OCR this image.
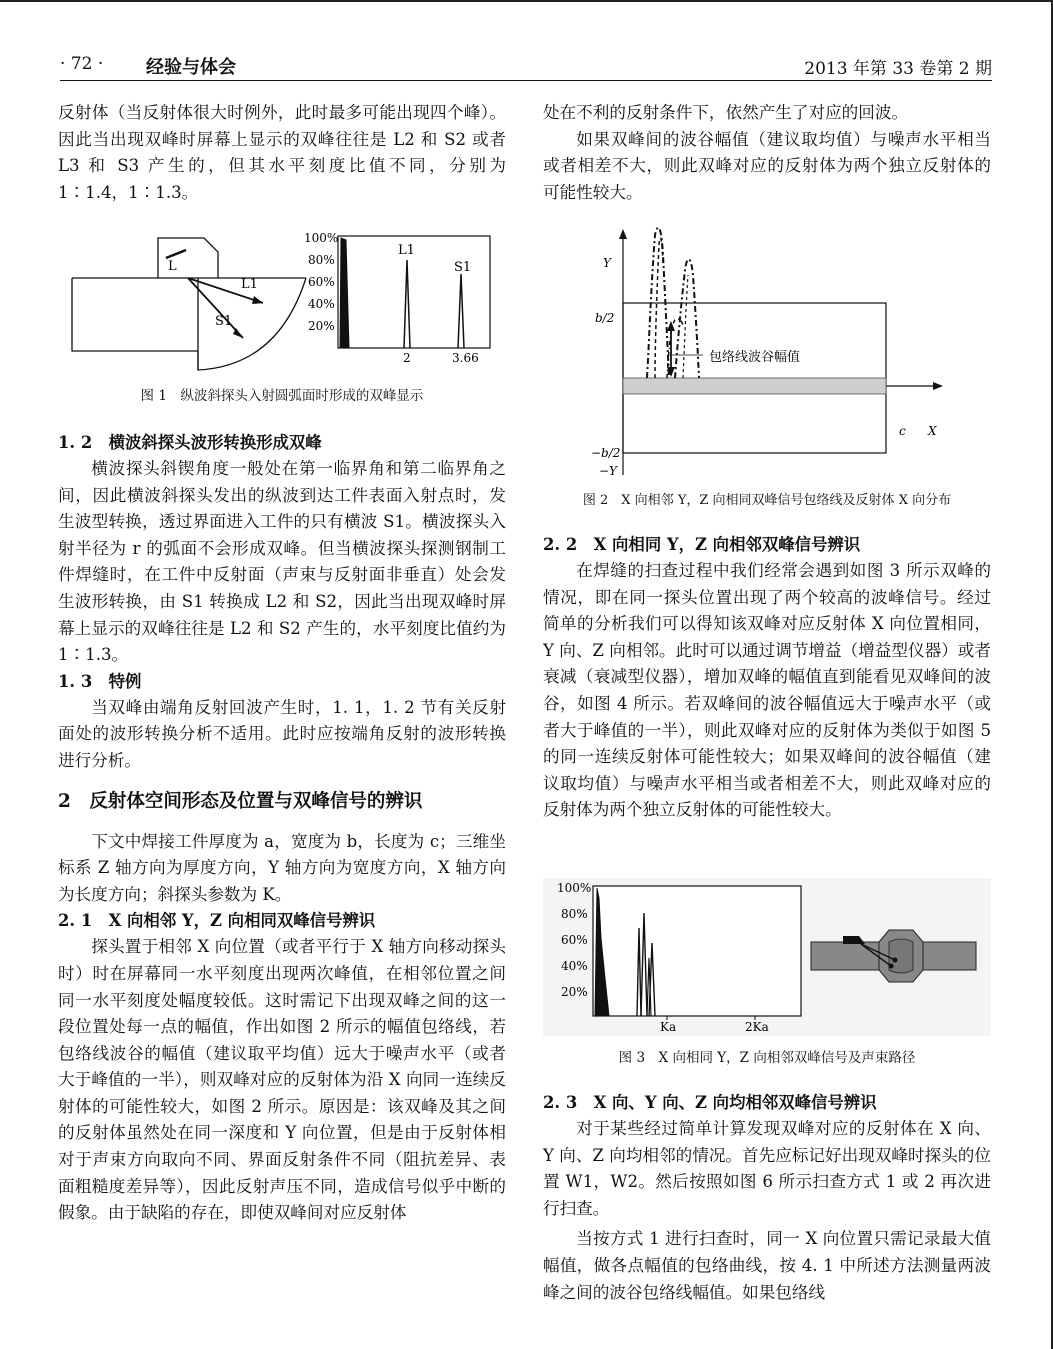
· 72 · 经验与体会	2013 年第 33 卷第 2 期

反射体（当反射体很大时例外，此时最多可能出现四个峰）。因此当出现双峰时屏幕上显示的双峰往往是 L2 和 S2 或者 L3 和 S3 产生的，但其水平刻度比值不同，分别为 1∶1.4，1∶1.3。

L
L1
S1
100%
80%
60%
40%
20%
L1
S1
2	3.66
图 1　纵波斜探头入射圆弧面时形成的双峰显示
1. 2　横波斜探头波形转换形成双峰

横波探头斜锲角度一般处在第一临界角和第二临界角之间，因此横波斜探头发出的纵波到达工件表面入射点时，发生波型转换，透过界面进入工件的只有横波 S1。横波探头入射半径为 r 的弧面不会形成双峰。但当横波探头探测钢制工件焊缝时，在工件中反射面（声束与反射面非垂直）处会发生波形转换，由 S1 转换成 L2 和 S2，因此当出现双峰时屏幕上显示的双峰往往是 L2 和 S2 产生的，水平刻度比值约为 1∶1.3。

1. 3　特例

当双峰由端角反射回波产生时，1. 1，1. 2 节有关反射面处的波形转换分析不适用。此时应按端角反射的波形转换进行分析。

2　反射体空间形态及位置与双峰信号的辨识

下文中焊接工件厚度为 a，宽度为 b，长度为 c；三维坐标系 Z 轴方向为厚度方向，Y 轴方向为宽度方向，X 轴方向为长度方向；斜探头参数为 K。

2. 1　X 向相邻 Y，Z 向相同双峰信号辨识

探头置于相邻 X 向位置（或者平行于 X 轴方向移动探头时）时在屏幕同一水平刻度出现两次峰值，在相邻位置之间同一水平刻度处幅度较低。这时需记下出现双峰之间的这一段位置处每一点的幅值，作出如图 2 所示的幅值包络线，若包络线波谷的幅值（建议取平均值）远大于噪声水平（或者大于峰值的一半），则双峰对应的反射体为沿 X 向同一连续反射体的可能性较大，如图 2 所示。原因是：该双峰及其之间的反射体虽然处在同一深度和 Y 向位置，但是由于反射体相对于声束方向取向不同、界面反射条件不同（阻抗差异、表面粗糙度差异等），因此反射声压不同，造成信号似乎中断的假象。由于缺陷的存在，即使双峰间对应反射体

处在不利的反射条件下，依然产生了对应的回波。

如果双峰间的波谷幅值（建议取均值）与噪声水平相当或者相差不大，则此双峰对应的反射体为两个独立反射体的可能性较大。

Y
b/2
包络线波谷幅值
c X
−b/2
−Y
图 2　X 向相邻 Y，Z 向相同双峰信号包络线及反射体 X 向分布
2. 2　X 向相同 Y，Z 向相邻双峰信号辨识

在焊缝的扫查过程中我们经常会遇到如图 3 所示双峰的情况，即在同一探头位置出现了两个较高的波峰信号。经过简单的分析我们可以得知该双峰对应反射体 X 向位置相同，Y 向、Z 向相邻。此时可以通过调节增益（增益型仪器）或者衰减（衰减型仪器），增加双峰的幅值直到能看见双峰间的波谷，如图 4 所示。若双峰间的波谷幅值远大于噪声水平（或者大于峰值的一半），则此双峰对应的反射体为类似于如图 5 的同一连续反射体可能性较大；如果双峰间的波谷幅值（建议取均值）与噪声水平相当或者相差不大，则此双峰对应的反射体为两个独立反射体的可能性较大。

100%
80%
60%
40%
20%
Ka	2Ka
图 3　X 向相同 Y，Z 向相邻双峰信号及声束路径
2. 3　X 向、Y 向、Z 向均相邻双峰信号辨识

对于某些经过简单计算发现双峰对应的反射体在 X 向、Y 向、Z 向均相邻的情况。首先应标记好出现双峰时探头的位置 W1，W2。然后按照如图 6 所示扫查方式 1 或 2 再次进行扫查。

当按方式 1 进行扫查时，同一 X 向位置只需记录最大值幅值，做各点幅值的包络曲线，按 4. 1 中所述方法测量两波峰之间的波谷包络线幅值。如果包络线
